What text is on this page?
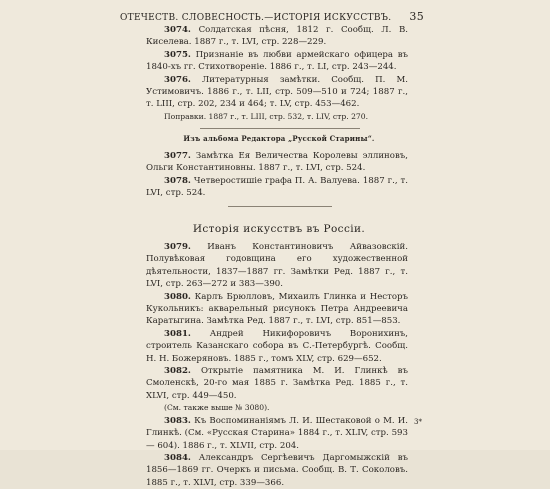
ОТЕЧЕСТВ. СЛОВЕСНОСТЬ.—ИСТОРІЯ ИСКУССТВЪ. 35

3074. Солдатская пѣсня, 1812 г. Сообщ. Л. В. Киселева. 1887 г., т. LVI, стр. 228—229.

3075. Признаніе въ любви армейскаго офицера въ 1840-хъ гг. Стихотвореніе. 1886 г., т. LI, стр. 243—244.

3076. Литературныя замѣтки. Сообщ. П. М. Устимовичъ. 1886 г., т. LII, стр. 509—510 и 724; 1887 г., т. LIII, стр. 202, 234 и 464; т. LV, стр. 453—462.

Поправки. 1887 г., т. LIII, стр. 532, т. LIV, стр. 270.

Изъ альбома Редактора „Русской Старины“.

3077. Замѣтка Ея Величества Королевы эллиновъ, Ольги Константиновны. 1887 г., т. LVI, стр. 524.

3078. Четверостишіе графа П. А. Валуева. 1887 г., т. LVI, стр. 524.

Исторія искусствъ въ Россіи.

3079. Иванъ Константиновичъ Айвазовскій. Полувѣковая годовщина его художественной дѣятельности, 1837—1887 гг. Замѣтки Ред. 1887 г., т. LVI, стр. 263—272 и 383—390.

3080. Карлъ Брюлловъ, Михаилъ Глинка и Несторъ Кукольникъ: акварельный рисунокъ Петра Андреевича Каратыгина. Замѣтка Ред. 1887 г., т. LVI, стр. 851—853.

3081. Андрей Никифоровичъ Воронихинъ, строитель Казанскаго собора въ С.-Петербургѣ. Сообщ. Н. Н. Божеряновъ. 1885 г., томъ XLV, стр. 629—652.

3082. Открытіе памятника М. И. Глинкѣ въ Смоленскѣ, 20-го мая 1885 г. Замѣтка Ред. 1885 г., т. XLVI, стр. 449—450.

(См. также выше № 3080).

3083. Къ Воспоминаніямъ Л. И. Шестаковой о М. И. Глинкѣ. (См. «Русская Старина» 1884 г., т. XLIV, стр. 593 — 604). 1886 г., т. XLVII, стр. 204.

3084. Александръ Сергѣевичъ Даргомыжскій въ 1856—1869 гг. Очеркъ и письма. Сообщ. В. Т. Соколовъ. 1885 г., т. XLVI, стр. 339—366.

3*
